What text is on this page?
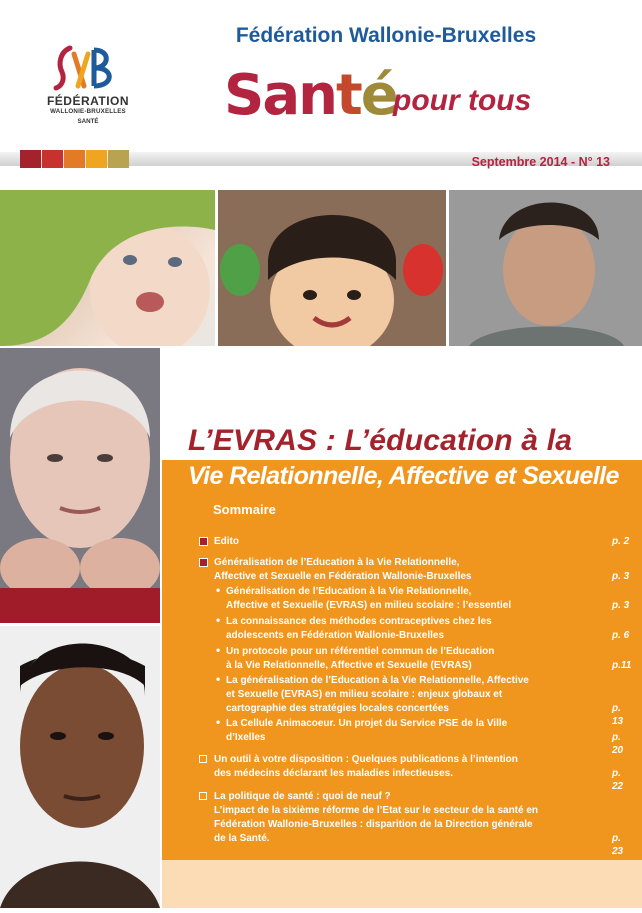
FÉDÉRATION
WALLONIE-BRUXELLES
SANTÉ
Fédération Wallonie-Bruxelles
Santé
pour tous
Septembre 2014 - N° 13
L’EVRAS : L’éducation à la
Vie Relationnelle, Affective et Sexuelle
Sommaire
Edito	p. 2
Généralisation de l’Education à la Vie Relationnelle,
Affective et Sexuelle en Fédération Wallonie-Bruxelles	p. 3
• Généralisation de l’Education à la Vie Relationnelle,
Affective et Sexuelle (EVRAS) en milieu scolaire : l’essentiel	p. 3
• La connaissance des méthodes contraceptives chez les
adolescents en Fédération Wallonie-Bruxelles	p. 6
• Un protocole pour un référentiel commun de l’Education
à la Vie Relationnelle, Affective et Sexuelle (EVRAS)	p.11
• La généralisation de l’Education à la Vie Relationnelle, Affective
et Sexuelle (EVRAS) en milieu scolaire : enjeux globaux et
cartographie des stratégies locales concertées	p. 13
• La Cellule Animacoeur. Un projet du Service PSE de la Ville
d’Ixelles	p. 20
Un outil à votre disposition : Quelques publications à l’intention
des médecins déclarant les maladies infectieuses.	p. 22
La politique de santé : quoi de neuf ?
L’impact de la sixième réforme de l’Etat sur le secteur de la santé en
Fédération Wallonie-Bruxelles : disparition de la Direction générale
de la Santé.	p. 23
